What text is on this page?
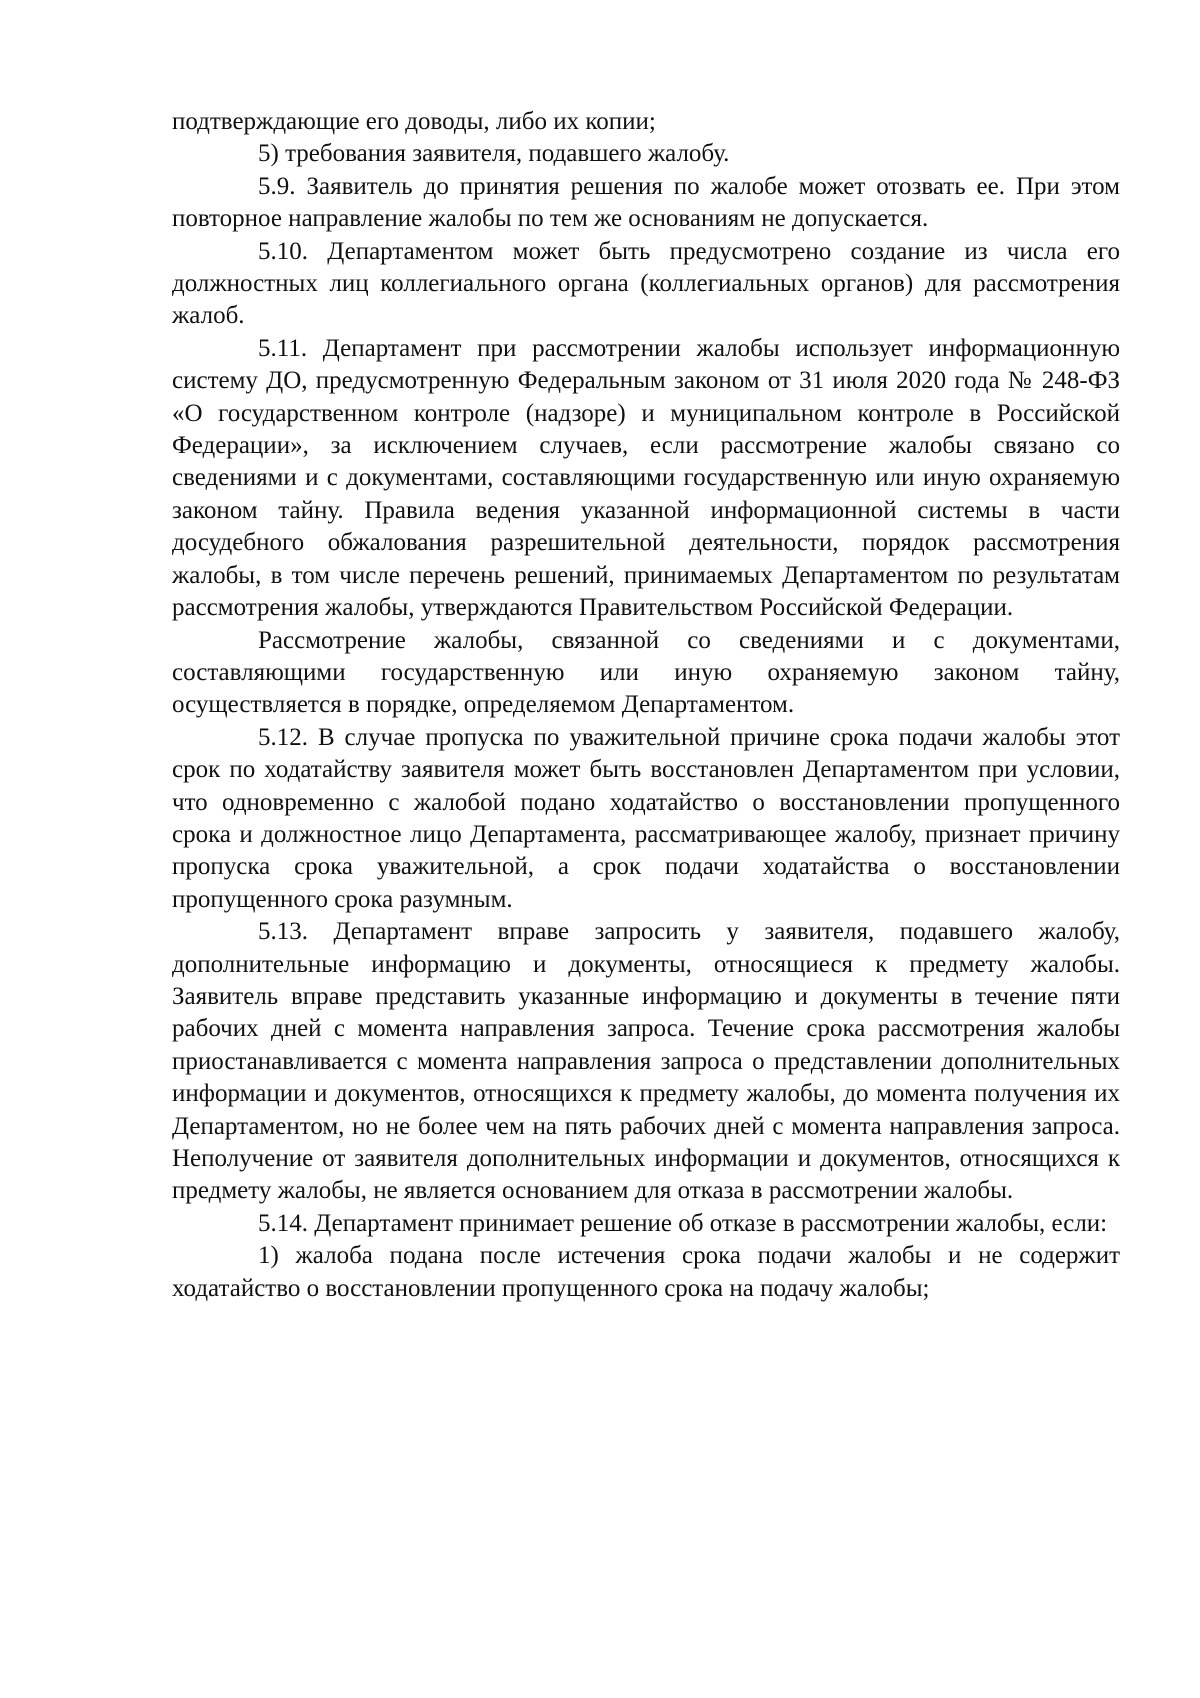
подтверждающие его доводы, либо их копии;

5) требования заявителя, подавшего жалобу.

5.9. Заявитель до принятия решения по жалобе может отозвать ее. При этом повторное направление жалобы по тем же основаниям не допускается.

5.10. Департаментом может быть предусмотрено создание из числа его должностных лиц коллегиального органа (коллегиальных органов) для рассмотрения жалоб.

5.11. Департамент при рассмотрении жалобы использует информационную систему ДО, предусмотренную Федеральным законом от 31 июля 2020 года № 248-ФЗ «О государственном контроле (надзоре) и муниципальном контроле в Российской Федерации», за исключением случаев, если рассмотрение жалобы связано со сведениями и с документами, составляющими государственную или иную охраняемую законом тайну. Правила ведения указанной информационной системы в части досудебного обжалования разрешительной деятельности, порядок рассмотрения жалобы, в том числе перечень решений, принимаемых Департаментом по результатам рассмотрения жалобы, утверждаются Правительством Российской Федерации.

Рассмотрение жалобы, связанной со сведениями и с документами, составляющими государственную или иную охраняемую законом тайну, осуществляется в порядке, определяемом Департаментом.

5.12. В случае пропуска по уважительной причине срока подачи жалобы этот срок по ходатайству заявителя может быть восстановлен Департаментом при условии, что одновременно с жалобой подано ходатайство о восстановлении пропущенного срока и должностное лицо Департамента, рассматривающее жалобу, признает причину пропуска срока уважительной, а срок подачи ходатайства о восстановлении пропущенного срока разумным.

5.13. Департамент вправе запросить у заявителя, подавшего жалобу, дополнительные информацию и документы, относящиеся к предмету жалобы. Заявитель вправе представить указанные информацию и документы в течение пяти рабочих дней с момента направления запроса. Течение срока рассмотрения жалобы приостанавливается с момента направления запроса о представлении дополнительных информации и документов, относящихся к предмету жалобы, до момента получения их Департаментом, но не более чем на пять рабочих дней с момента направления запроса. Неполучение от заявителя дополнительных информации и документов, относящихся к предмету жалобы, не является основанием для отказа в рассмотрении жалобы.

5.14. Департамент принимает решение об отказе в рассмотрении жалобы, если:

1) жалоба подана после истечения срока подачи жалобы и не содержит ходатайство о восстановлении пропущенного срока на подачу жалобы;
